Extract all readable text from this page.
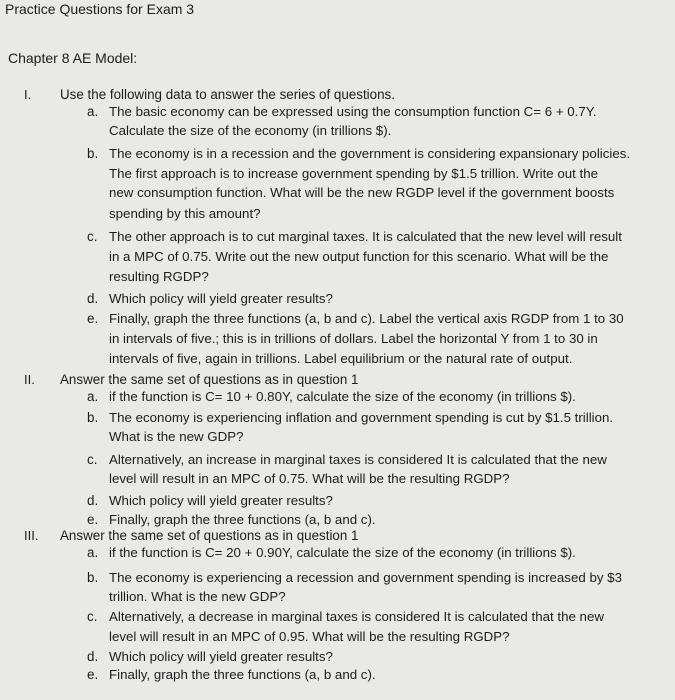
Practice Questions for Exam 3
Chapter 8 AE Model:
I. Use the following data to answer the series of questions.
a. The basic economy can be expressed using the consumption function C= 6 + 0.7Y.
Calculate the size of the economy (in trillions $).
b. The economy is in a recession and the government is considering expansionary policies.
The first approach is to increase government spending by $1.5 trillion. Write out the
new consumption function. What will be the new RGDP level if the government boosts
spending by this amount?
c. The other approach is to cut marginal taxes. It is calculated that the new level will result
in a MPC of 0.75. Write out the new output function for this scenario. What will be the
resulting RGDP?
d. Which policy will yield greater results?
e. Finally, graph the three functions (a, b and c). Label the vertical axis RGDP from 1 to 30
in intervals of five.; this is in trillions of dollars. Label the horizontal Y from 1 to 30 in
intervals of five, again in trillions. Label equilibrium or the natural rate of output.
II. Answer the same set of questions as in question 1
a. if the function is C= 10 + 0.80Y, calculate the size of the economy (in trillions $).
b. The economy is experiencing inflation and government spending is cut by $1.5 trillion.
What is the new GDP?
c. Alternatively, an increase in marginal taxes is considered It is calculated that the new
level will result in an MPC of 0.75. What will be the resulting RGDP?
d. Which policy will yield greater results?
e. Finally, graph the three functions (a, b and c).
III. Answer the same set of questions as in question 1
a. if the function is C= 20 + 0.90Y, calculate the size of the economy (in trillions $).
b. The economy is experiencing a recession and government spending is increased by $3
trillion. What is the new GDP?
c. Alternatively, a decrease in marginal taxes is considered It is calculated that the new
level will result in an MPC of 0.95. What will be the resulting RGDP?
d. Which policy will yield greater results?
e. Finally, graph the three functions (a, b and c).
